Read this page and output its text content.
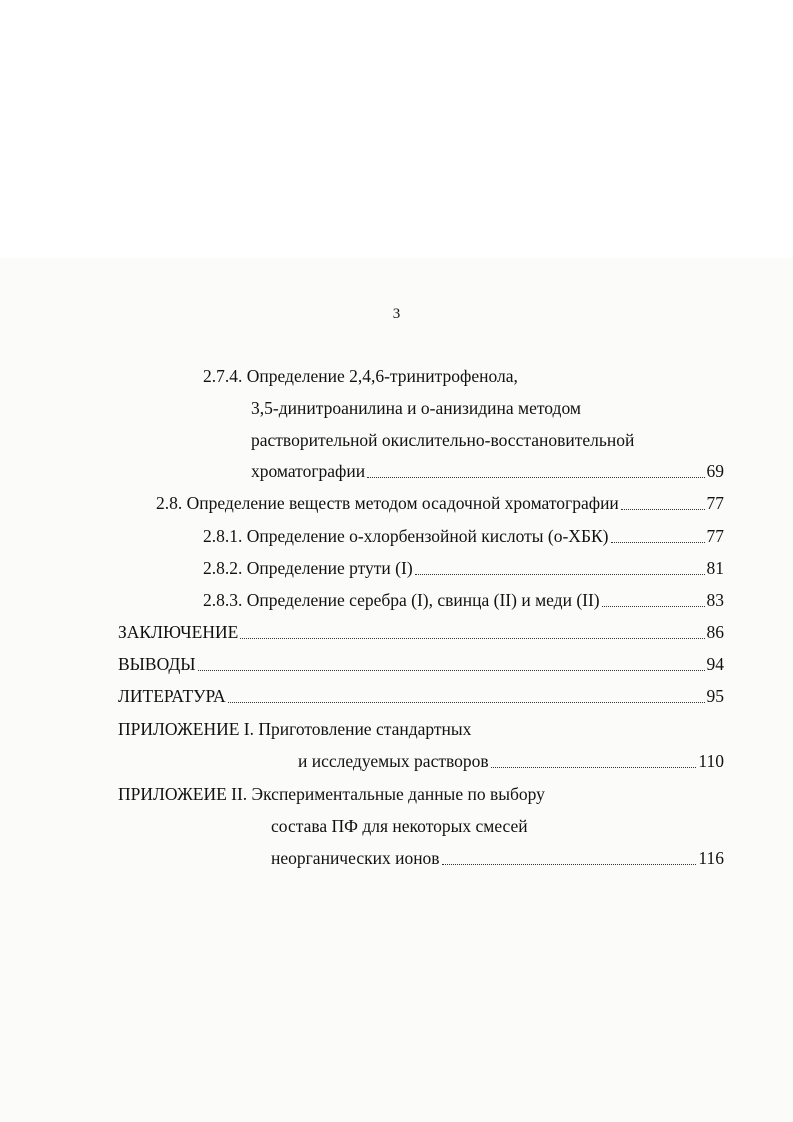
3
2.7.4. Определение 2,4,6-тринитрофенола,
3,5-динитроанилина и о-анизидина методом
растворительной окислительно-восстановительной
хроматографии	69
2.8. Определение веществ методом осадочной хроматографии	77
2.8.1. Определение о-хлорбензойной кислоты (о-ХБК)	77
2.8.2. Определение ртути (I)	81
2.8.3. Определение серебра (I), свинца (II) и меди (II)	83
ЗАКЛЮЧЕНИЕ	86
ВЫВОДЫ	94
ЛИТЕРАТУРА	95
ПРИЛОЖЕНИЕ I. Приготовление стандартных
и исследуемых растворов	110
ПРИЛОЖЕИЕ II. Экспериментальные данные по выбору
состава ПФ для некоторых смесей
неорганических ионов	116
